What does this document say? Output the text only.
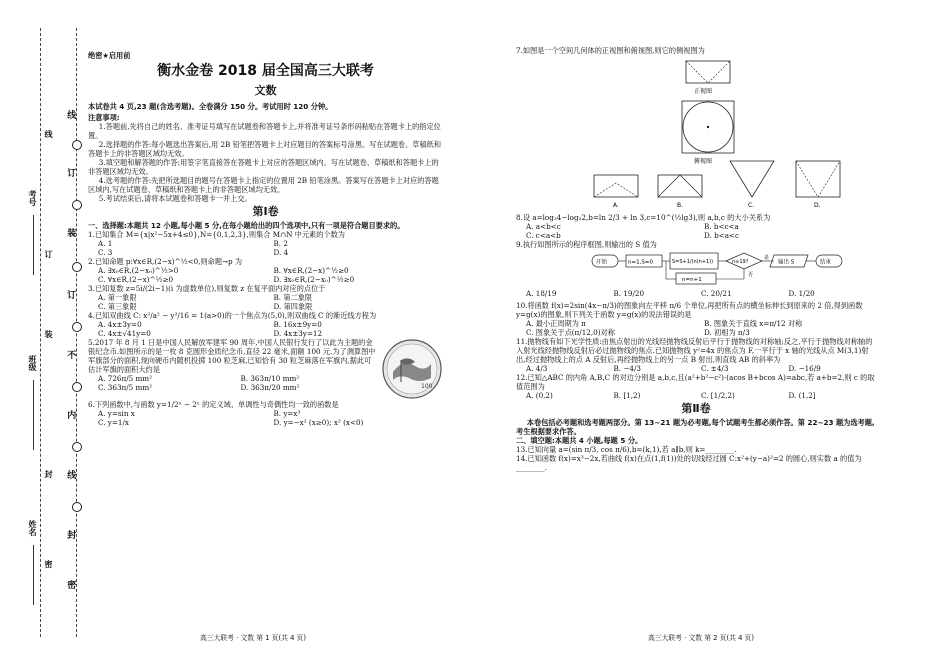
考号
班级
姓名
线
订
装
订
不
内
线
封
密
线
订
装
封
密
绝密★启用前
衡水金卷 2018 届全国高三大联考
文数

本试卷共 4 页,23 题(含选考题)。全卷满分 150 分。考试用时 120 分钟。

注意事项:

1.答题前,先将自己的姓名、准考证号填写在试题卷和答题卡上,并将准考证号条形码粘贴在答题卡上的指定位置。

2.选择题的作答:每小题选出答案后,用 2B 铅笔把答题卡上对应题目的答案标号涂黑。写在试题卷、草稿纸和答题卡上的非答题区域均无效。

3.填空题和解答题的作答:用签字笔直接答在答题卡上对应的答题区域内。写在试题卷、草稿纸和答题卡上的非答题区域均无效。

4.选考题的作答:先把所选题目的题号在答题卡上指定的位置用 2B 铅笔涂黑。答案写在答题卡上对应的答题区域内,写在试题卷、草稿纸和答题卡上的非答题区域均无效。

5.考试结束后,请将本试题卷和答题卡一并上交。

第Ⅰ卷

一、选择题:本题共 12 小题,每小题 5 分,在每小题给出的四个选项中,只有一项是符合题目要求的。

1.已知集合 M={x|x²−5x+4≤0},N={0,1,2,3},则集合 M∩N 中元素的个数为

A. 1	B. 2
C. 3	D. 4

2.已知命题 p:∀x∈R,(2−x)^½<0,则命题¬p 为

A. ∃x₀∈R,(2−x₀)^½>0	B. ∀x∈R,(2−x)^½≥0
C. ∀x∈R,(2−x)^½≥0	D. ∃x₀∈R,(2−x₀)^½≥0

3.已知复数 z=5i/(2i−1)(i 为虚数单位),则复数 z 在复平面内对应的点位于

A. 第一象限	B. 第二象限
C. 第三象限	D. 第四象限

4.已知双曲线 C: x²/a² − y²/16 = 1(a>0)的一个焦点为(5,0),则双曲线 C 的渐近线方程为

A. 4x±3y=0	B. 16x±9y=0
C. 4x±√41y=0	D. 4x±3y=12

5.2017 年 8 月 1 日是中国人民解放军建军 90 周年,中国人民银行发行了以此为主题的金银纪念币.如图所示的是一枚 8 克圆形金质纪念币,直径 22 毫米,面额 100 元.为了测算图中军旗部分的面积,现向硬币内随机投掷 100 粒芝麻,已知恰有 30 粒芝麻落在军旗内,据此可估计军旗的面积大约是

A. 726π/5 mm²	B. 363π/10 mm²
C. 363π/5 mm²	D. 363π/20 mm²	100

6.下列函数中,与函数 y=1/2ˣ − 2ˣ 的定义域、单调性与奇偶性均一致的函数是

A. y=sin x	B. y=x³
C. y=1/x	D. y=−x² (x≥0); x² (x<0)

7.如图是一个空间几何体的正视图和俯视图,则它的侧视图为

正视图
俯视图
A.	B.	C.	D.

8.设 a=log₃4−log₃2,b=ln 2/3 + ln 3,c=10^(½lg3),则 a,b,c 的大小关系为

A. a<b<c	B. b<c<a
C. c<a<b	D. b<a<c

9.执行如图所示的程序框图,则输出的 S 值为

开始	n=1,S=0	S=S+1/(n(n+1))	n≥19?
是
输出 S	结束
否
n=n+1
A. 18/19	B. 19/20	C. 20/21	D. 1/20

10.将函数 f(x)=2sin(4x−π/3)的图象向左平移 π/6 个单位,再把所有点的横坐标伸长到原来的 2 倍,得到函数 y=g(x)的图象,则下列关于函数 y=g(x)的说法错误的是

A. 最小正周期为 π	B. 图象关于直线 x=π/12 对称
C. 图象关于点(π/12,0)对称	D. 初相为 π/3

11.抛物线有如下光学性质:由焦点射出的光线经抛物线反射后平行于抛物线的对称轴;反之,平行于抛物线对称轴的入射光线经抛物线反射后必过抛物线的焦点.已知抛物线 y²=4x 的焦点为 F,一平行于 x 轴的光线从点 M(3,1)射出,经过抛物线上的点 A 反射后,再经抛物线上的另一点 B 射出,则直线 AB 的斜率为

A. 4/3	B. −4/3	C. ±4/3	D. −16/9

12.已知△ABC 的内角 A,B,C 的对边分别是 a,b,c,且(a²+b²−c²)·(acos B+bcos A)=abc,若 a+b=2,则 c 的取值范围为

A. (0,2)	B. [1,2)	C. [1/2,2)	D. (1,2]
第Ⅱ卷

本卷包括必考题和选考题两部分。第 13~21 题为必考题,每个试题考生都必须作答。第 22~23 题为选考题,考生根据要求作答。

二、填空题:本题共 4 小题,每题 5 分。

13.已知向量 a=(sin π/3, cos π/6),b=(k,1),若 a∥b,则 k=________.

14.已知函数 f(x)=x³−2x,若曲线 f(x)在点(1,f(1))处的切线经过圆 C:x²+(y−a)²=2 的圆心,则实数 a 的值为________.

高三大联考 · 文数 第 1 页(共 4 页)	高三大联考 · 文数 第 2 页(共 4 页)
